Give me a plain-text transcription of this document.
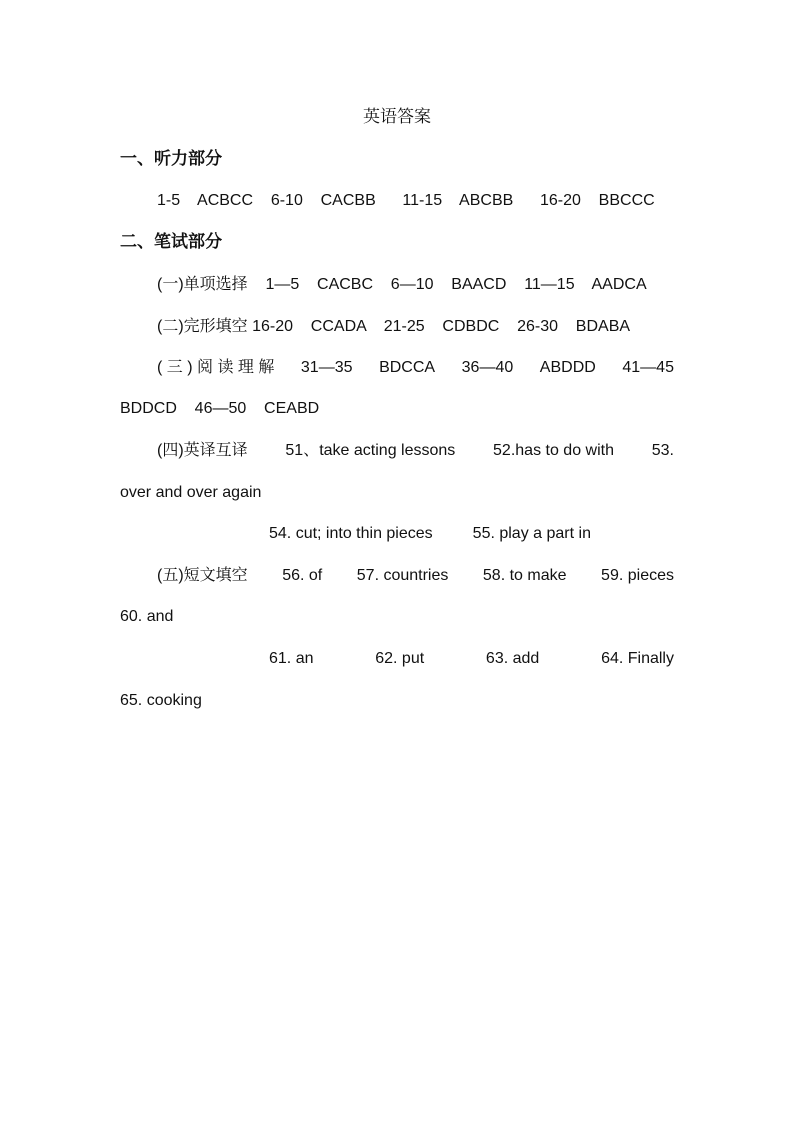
英语答案
一、听力部分
1-5    ACBCC    6-10    CACBB      11-15    ABCBB      16-20    BBCCC
二、笔试部分
(一)单项选择    1—5    CACBC    6—10    BAACD    11—15    AADCA
(二)完形填空 16-20    CCADA    21-25    CDBDC    26-30    BDABA
( 三 ) 阅 读 理 解 31—35 BDCCA 36—40 ABDDD 41—45
BDDCD    46—50    CEABD
(四)英译互译 51、take acting lessons 52.has to do with 53.
over and over again
54. cut; into thin pieces         55. play a part in
(五)短文填空 56. of 57. countries 58. to make 59. pieces
60. and
61. an	62. put	63. add	64. Finally
65. cooking
